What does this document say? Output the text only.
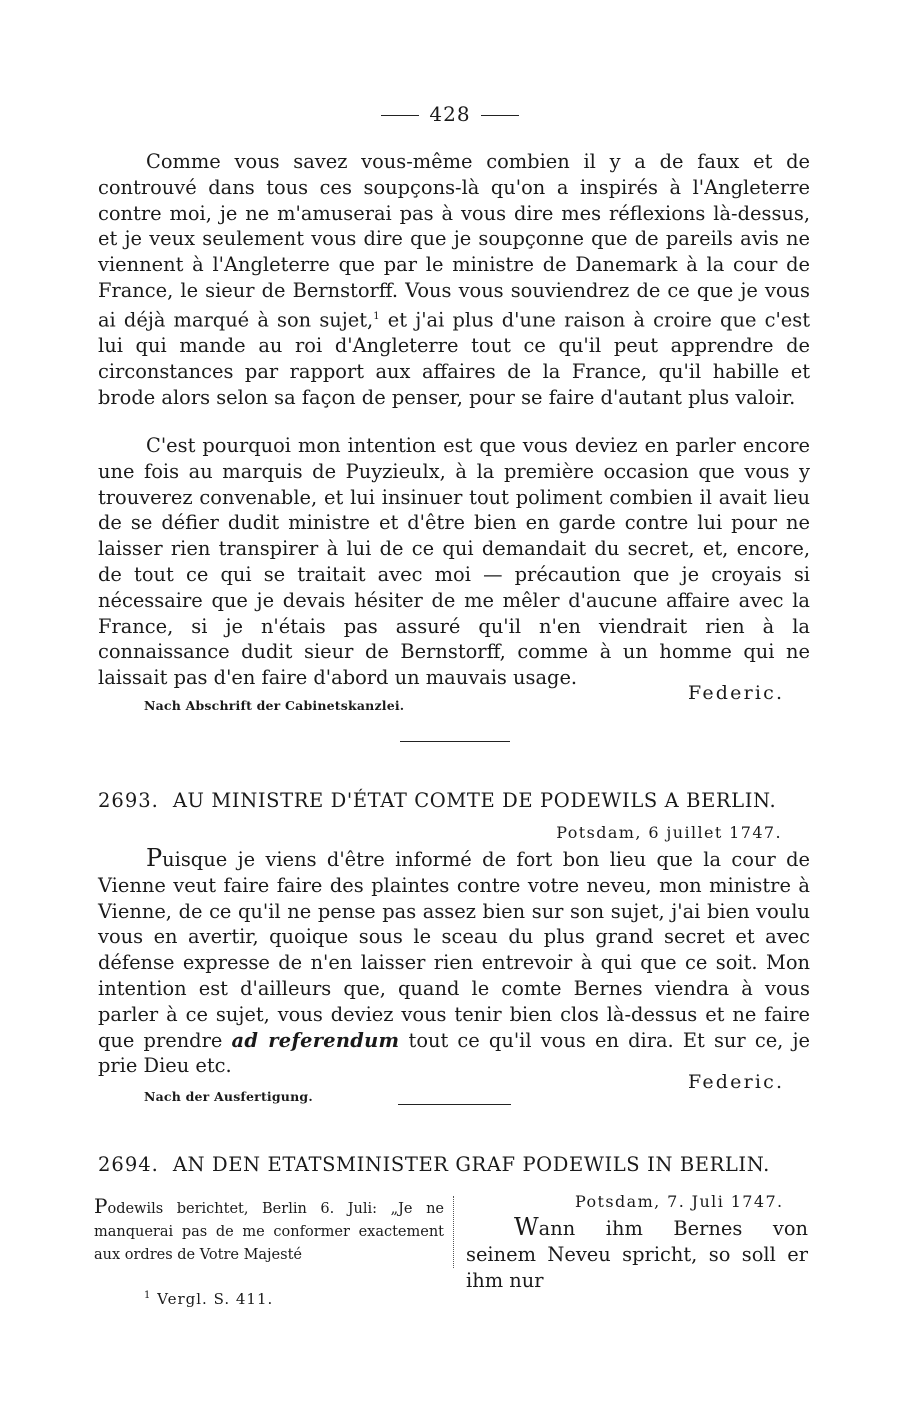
428

Comme vous savez vous-même combien il y a de faux et de controuvé dans tous ces soupçons-là qu'on a inspirés à l'Angleterre contre moi, je ne m'amuserai pas à vous dire mes réflexions là-dessus, et je veux seulement vous dire que je soupçonne que de pareils avis ne viennent à l'Angleterre que par le ministre de Danemark à la cour de France, le sieur de Bernstorff. Vous vous souviendrez de ce que je vous ai déjà marqué à son sujet,$^1$ et j'ai plus d'une raison à croire que c'est lui qui mande au roi d'Angleterre tout ce qu'il peut apprendre de circonstances par rapport aux affaires de la France, qu'il habille et brode alors selon sa façon de penser, pour se faire d'autant plus valoir.

C'est pourquoi mon intention est que vous deviez en parler encore une fois au marquis de Puyzieulx, à la première occasion que vous y trouverez convenable, et lui insinuer tout poliment combien il avait lieu de se défier dudit ministre et d'être bien en garde contre lui pour ne laisser rien transpirer à lui de ce qui demandait du secret, et, encore, de tout ce qui se traitait avec moi — précaution que je croyais si nécessaire que je devais hésiter de me mêler d'aucune affaire avec la France, si je n'étais pas assuré qu'il n'en viendrait rien à la connaissance dudit sieur de Bernstorff, comme à un homme qui ne laissait pas d'en faire d'abord un mauvais usage.

Federic.
Nach Abschrift der Cabinetskanzlei.
2693. AU MINISTRE D'ÉTAT COMTE DE PODEWILS A BERLIN.
Potsdam, 6 juillet 1747.

Puisque je viens d'être informé de fort bon lieu que la cour de Vienne veut faire faire des plaintes contre votre neveu, mon ministre à Vienne, de ce qu'il ne pense pas assez bien sur son sujet, j'ai bien voulu vous en avertir, quoique sous le sceau du plus grand secret et avec défense expresse de n'en laisser rien entrevoir à qui que ce soit. Mon intention est d'ailleurs que, quand le comte Bernes viendra à vous parler à ce sujet, vous deviez vous tenir bien clos là-dessus et ne faire que prendre ad referendum tout ce qu'il vous en dira. Et sur ce, je prie Dieu etc.

Federic.
Nach der Ausfertigung.
2694. AN DEN ETATSMINISTER GRAF PODEWILS IN BERLIN.

Podewils berichtet, Berlin 6. Juli: „Je ne manquerai pas de me conformer exactement aux ordres de Votre Majesté

Potsdam, 7. Juli 1747.

Wann ihm Bernes von seinem Neveu spricht, so soll er ihm nur

$^1$ Vergl. S. 411.
